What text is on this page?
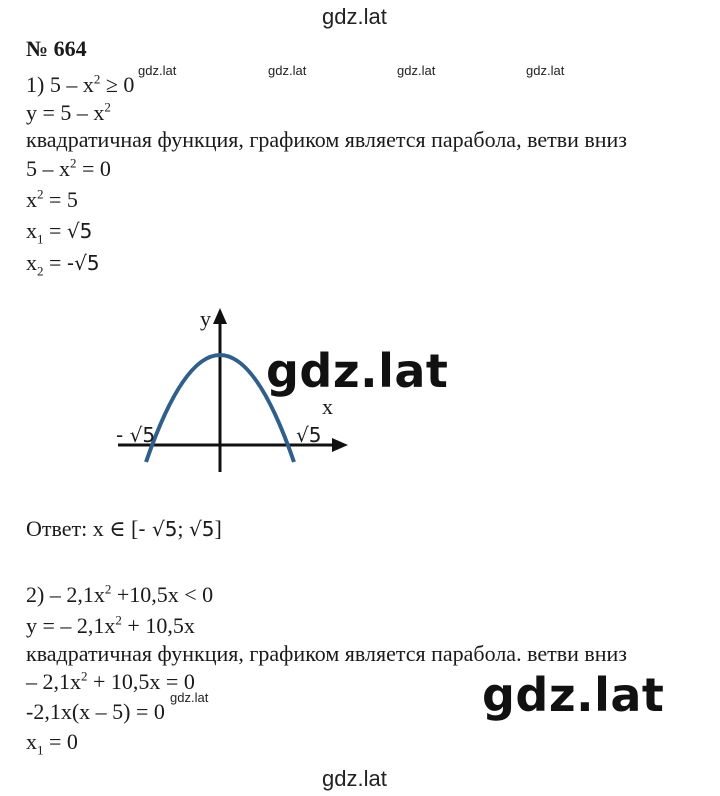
gdz.lat
№ 664
1) $5 - x^2 \ge 0$
gdz.lat	gdz.lat	gdz.lat	gdz.lat
$y = 5 - x^2$
квадратичная функция, графиком является парабола, ветви вниз
$5 - x^2 = 0$
$x^2 = 5$
$x_1 = √5$
$x_2 = -√5$
y
x
- √5	√5
gdz.lat
Ответ: x ∈ [- √5; √5]
$2) - 2,1x^2 +10,5x < 0$
y = – $2,1x^2 + 10,5x$
квадратичная функция, графиком является парабола. ветви вниз
– $2,1x^2 + 10,5x = 0$
-2,1x(x – 5) = 0
gdz.lat
$x_1 = 0$
gdz.lat
gdz.lat
